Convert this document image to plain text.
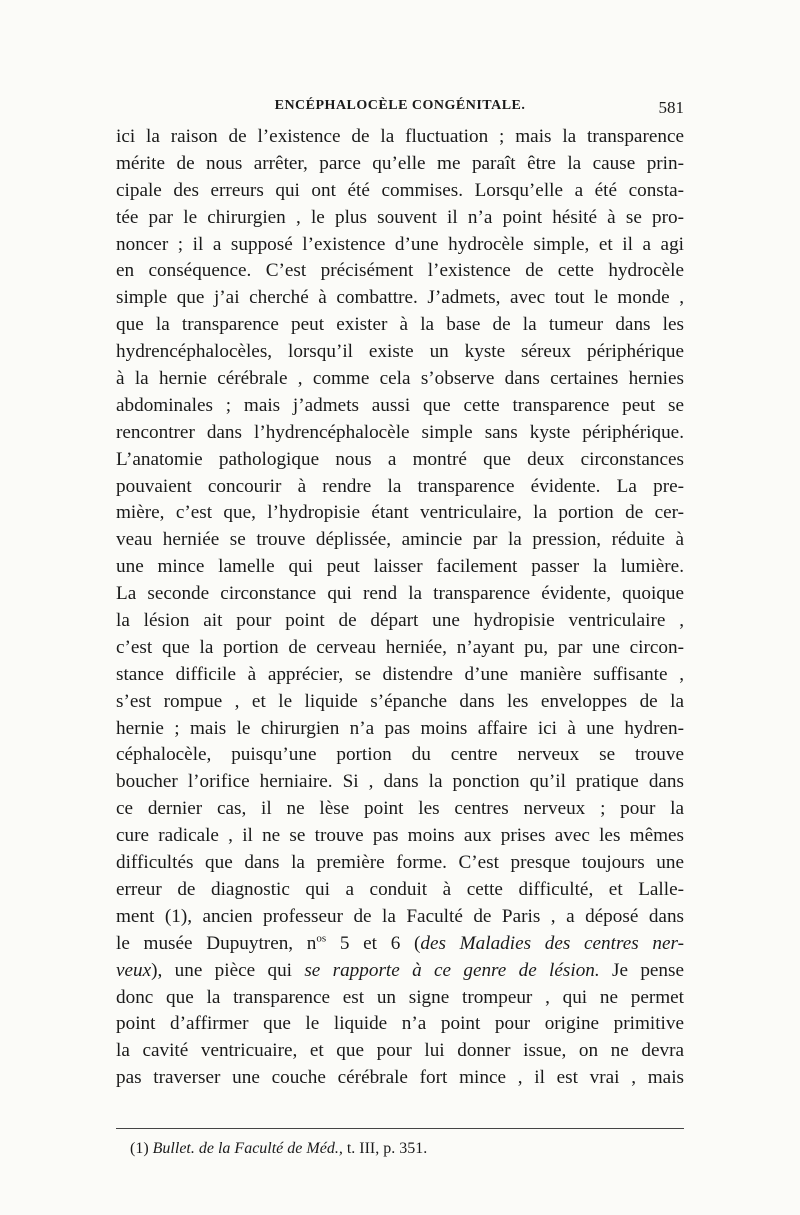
ENCÉPHALOCÈLE CONGÉNITALE.	581
ici la raison de l’existence de la fluctuation ; mais la transparence
mérite de nous arrêter, parce qu’elle me paraît être la cause prin-
cipale des erreurs qui ont été commises. Lorsqu’elle a été consta-
tée par le chirurgien , le plus souvent il n’a point hésité à se pro-
noncer ; il a supposé l’existence d’une hydrocèle simple, et il a agi
en conséquence. C’est précisément l’existence de cette hydrocèle
simple que j’ai cherché à combattre. J’admets, avec tout le monde ,
que la transparence peut exister à la base de la tumeur dans les
hydrencéphalocèles, lorsqu’il existe un kyste séreux périphérique
à la hernie cérébrale , comme cela s’observe dans certaines hernies
abdominales ; mais j’admets aussi que cette transparence peut se
rencontrer dans l’hydrencéphalocèle simple sans kyste périphérique.
L’anatomie pathologique nous a montré que deux circonstances
pouvaient concourir à rendre la transparence évidente. La pre-
mière, c’est que, l’hydropisie étant ventriculaire, la portion de cer-
veau herniée se trouve déplissée, amincie par la pression, réduite à
une mince lamelle qui peut laisser facilement passer la lumière.
La seconde circonstance qui rend la transparence évidente, quoique
la lésion ait pour point de départ une hydropisie ventriculaire ,
c’est que la portion de cerveau herniée, n’ayant pu, par une circon-
stance difficile à apprécier, se distendre d’une manière suffisante ,
s’est rompue , et le liquide s’épanche dans les enveloppes de la
hernie ; mais le chirurgien n’a pas moins affaire ici à une hydren-
céphalocèle, puisqu’une portion du centre nerveux se trouve
boucher l’orifice herniaire. Si , dans la ponction qu’il pratique dans
ce dernier cas, il ne lèse point les centres nerveux ; pour la
cure radicale , il ne se trouve pas moins aux prises avec les mêmes
difficultés que dans la première forme. C’est presque toujours une
erreur de diagnostic qui a conduit à cette difficulté, et Lalle-
ment (1), ancien professeur de la Faculté de Paris , a déposé dans
le musée Dupuytren, $n^{os}$ 5 et 6 (des Maladies des centres ner-
veux), une pièce qui se rapporte à ce genre de lésion. Je pense
donc que la transparence est un signe trompeur , qui ne permet
point d’affirmer que le liquide n’a point pour origine primitive
la cavité ventricuaire, et que pour lui donner issue, on ne devra
pas traverser une couche cérébrale fort mince , il est vrai , mais
(1) Bullet. de la Faculté de Méd., t. III, p. 351.
